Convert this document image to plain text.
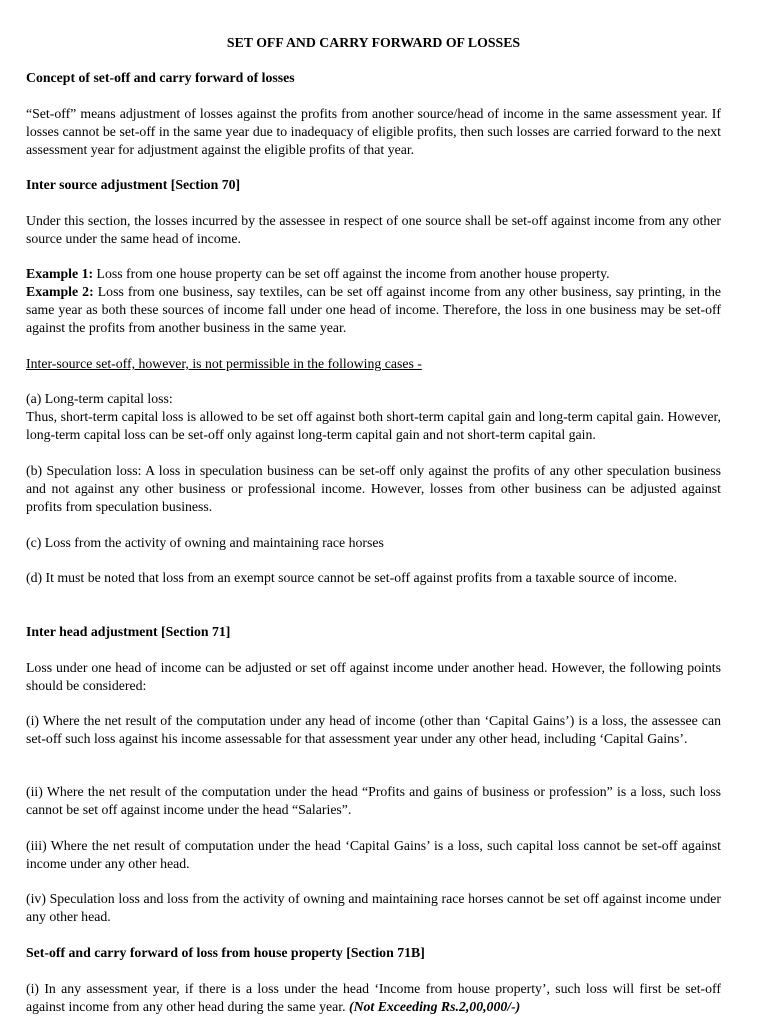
SET OFF AND CARRY FORWARD OF LOSSES

Concept of set-off and carry forward of losses

“Set-off” means adjustment of losses against the profits from another source/head of income in the same assessment year. If losses cannot be set-off in the same year due to inadequacy of eligible profits, then such losses are carried forward to the next assessment year for adjustment against the eligible profits of that year.

Inter source adjustment [Section 70]

Under this section, the losses incurred by the assessee in respect of one source shall be set-off against income from any other source under the same head of income.

Example 1: Loss from one house property can be set off against the income from another house property.

Example 2: Loss from one business, say textiles, can be set off against income from any other business, say printing, in the same year as both these sources of income fall under one head of income. Therefore, the loss in one business may be set-off against the profits from another business in the same year.

Inter-source set-off, however, is not permissible in the following cases -

(a) Long-term capital loss:

Thus, short-term capital loss is allowed to be set off against both short-term capital gain and long-term capital gain. However, long-term capital loss can be set-off only against long-term capital gain and not short-term capital gain.

(b) Speculation loss: A loss in speculation business can be set-off only against the profits of any other speculation business and not against any other business or professional income. However, losses from other business can be adjusted against profits from speculation business.

(c) Loss from the activity of owning and maintaining race horses

(d) It must be noted that loss from an exempt source cannot be set-off against profits from a taxable source of income.

Inter head adjustment [Section 71]

Loss under one head of income can be adjusted or set off against income under another head. However, the following points should be considered:

(i) Where the net result of the computation under any head of income (other than ‘Capital Gains’) is a loss, the assessee can set-off such loss against his income assessable for that assessment year under any other head, including ‘Capital Gains’.

(ii) Where the net result of the computation under the head “Profits and gains of business or profession” is a loss, such loss cannot be set off against income under the head “Salaries”.

(iii) Where the net result of computation under the head ‘Capital Gains’ is a loss, such capital loss cannot be set-off against income under any other head.

(iv) Speculation loss and loss from the activity of owning and maintaining race horses cannot be set off against income under any other head.

Set-off and carry forward of loss from house property [Section 71B]

(i) In any assessment year, if there is a loss under the head ‘Income from house property’, such loss will first be set-off against income from any other head during the same year. (Not Exceeding Rs.2,00,000/-)
